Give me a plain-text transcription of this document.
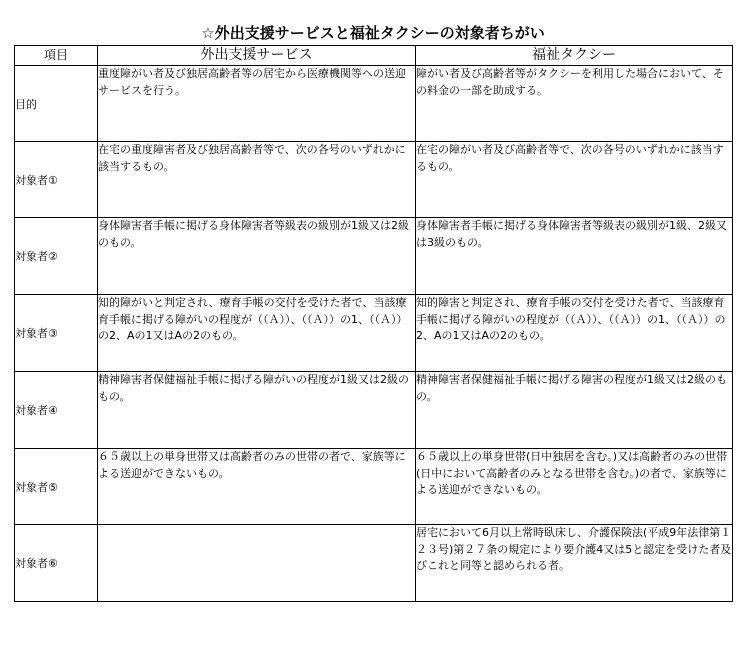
☆外出支援サービスと福祉タクシーの対象者ちがい
項目	外出支援サービス	福祉タクシー
目的	重度障がい者及び独居高齢者等の居宅から医療機関等への送迎サービスを行う。	障がい者及び高齢者等がタクシーを利用した場合において、その料金の一部を助成する。
対象者①	在宅の重度障害者及び独居高齢者等で、次の各号のいずれかに該当するもの。	在宅の障がい者及び高齢者等で、次の各号のいずれかに該当するもの。
対象者②	身体障害者手帳に掲げる身体障害者等級表の級別が1級又は2級のもの。	身体障害者手帳に掲げる身体障害者等級表の級別が1級、2級又は3級のもの。
対象者③	知的障がいと判定され、療育手帳の交付を受けた者で、当該療育手帳に掲げる障がいの程度が（（Ａ））、（（Ａ））の1、（（Ａ））の2、Aの1又はAの2のもの。	知的障害と判定され、療育手帳の交付を受けた者で、当該療育手帳に掲げる障がいの程度が（（Ａ））、（（Ａ））の1、（（Ａ））の2、Aの1又はAの2のもの。
対象者④	精神障害者保健福祉手帳に掲げる障がいの程度が1級又は2級のもの。	精神障害者保健福祉手帳に掲げる障害の程度が1級又は2級のもの。
対象者⑤	６５歳以上の単身世帯又は高齢者のみの世帯の者で、家族等による送迎ができないもの。	６５歳以上の単身世帯(日中独居を含む。)又は高齢者のみの世帯(日中において高齢者のみとなる世帯を含む。)の者で、家族等による送迎ができないもの。
対象者⑥		居宅において6月以上常時臥床し、介護保険法(平成9年法律第１２３号)第２７条の規定により要介護4又は5と認定を受けた者及びこれと同等と認められる者。
